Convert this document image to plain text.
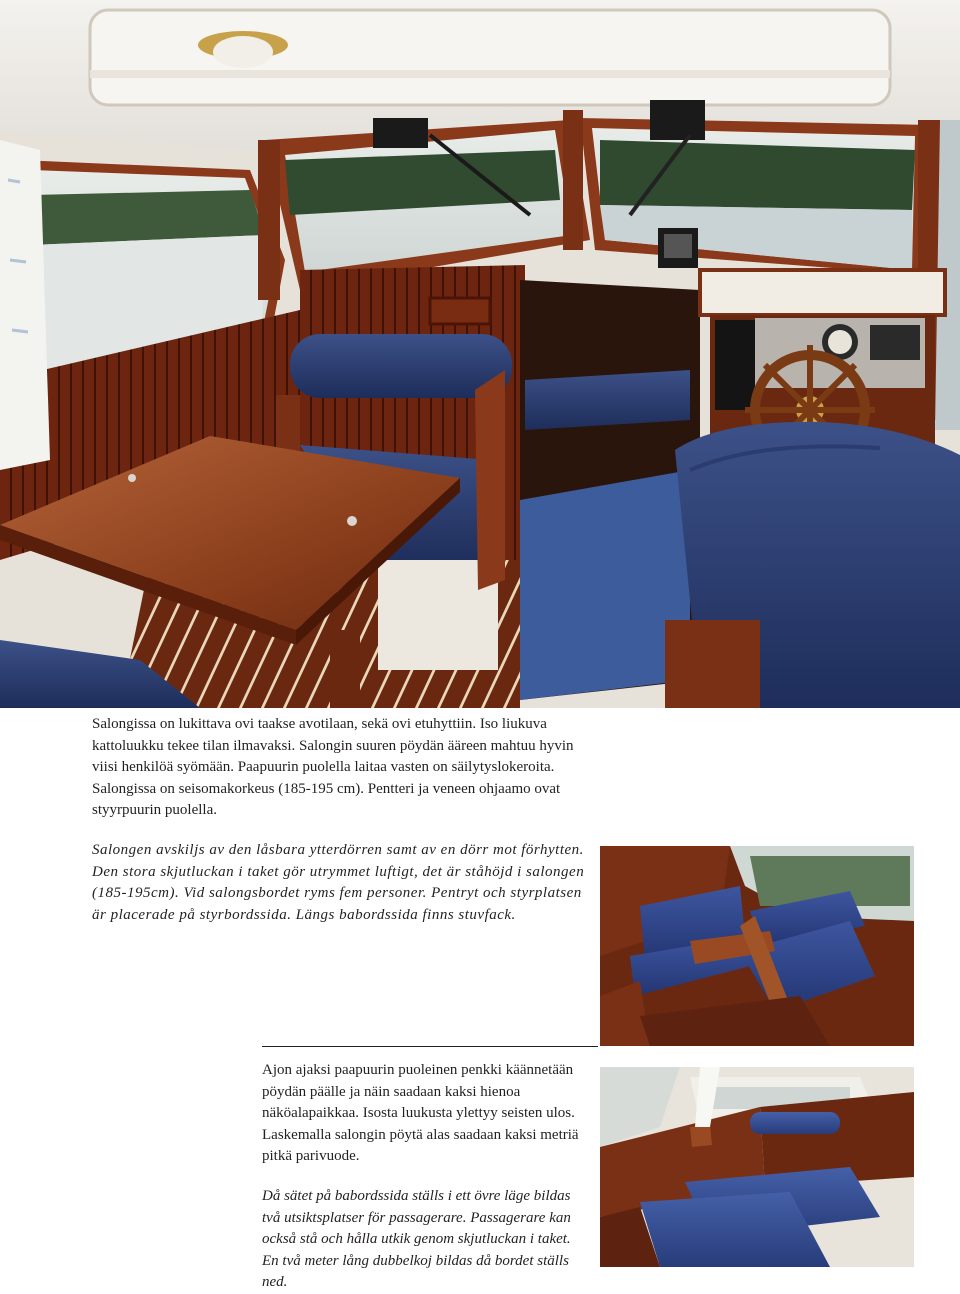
Salongissa on lukittava ovi taakse avotilaan, sekä ovi etuhyttiin. Iso liukuva kattoluukku tekee tilan ilmavaksi. Salongin suuren pöydän ääreen mahtuu hyvin viisi henkilöä syömään. Paapuurin puolella laitaa vasten on säilytyslokeroita. Salongissa on seisomakorkeus (185-195 cm). Pentteri ja veneen ohjaamo ovat styyrpuurin puolella.
Salongen avskiljs av den låsbara ytterdörren samt av en dörr mot förhytten. Den stora skjutluckan i taket gör utrymmet luftigt, det är ståhöjd i salongen (185-195cm). Vid salongsbordet ryms fem personer. Pentryt och styrplatsen är placerade på styrbordssida. Längs babordssida finns stuvfack.
Ajon ajaksi paapuurin puoleinen penkki käännetään pöydän päälle ja näin saadaan kaksi hienoa näköalapaikkaa. Isosta luukusta ylettyy seisten ulos. Laskemalla salongin pöytä alas saadaan kaksi metriä pitkä parivuode.
Då sätet på babordssida ställs i ett övre läge bildas två utsiktsplatser för passagerare. Passagerare kan också stå och hålla utkik genom skjutluckan i taket. En två meter lång dubbelkoj bildas då bordet ställs ned.
